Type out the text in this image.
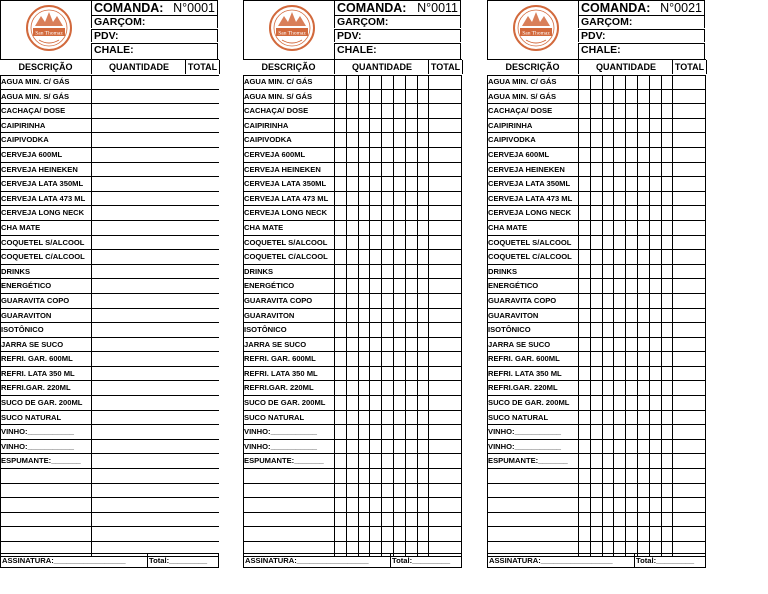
San Thomaz
COMANDA: N°0001
GARÇOM:
PDV:
CHALE:
DESCRIÇÃO	QUANTIDADE	TOTAL
AGUA MIN. C/ GÁS
AGUA MIN. S/ GÁS
CACHAÇA/ DOSE
CAIPIRINHA
CAIPIVODKA
CERVEJA 600ML
CERVEJA HEINEKEN
CERVEJA LATA 350ML
CERVEJA LATA 473 ML
CERVEJA LONG NECK
CHA MATE
COQUETEL S/ALCOOL
COQUETEL C/ALCOOL
DRINKS
ENERGÉTICO
GUARAVITA COPO
GUARAVITON
ISOTÔNICO
JARRA SE SUCO
REFRI. GAR. 600ML
REFRI. LATA 350 ML
REFRI.GAR. 220ML
SUCO DE GAR. 200ML
SUCO NATURAL
VINHO:___________
VINHO:___________
ESPUMANTE:_______
ASSINATURA:_________________	Total:_________
San Thomaz
COMANDA: N°0011
GARÇOM:
PDV:
CHALE:
DESCRIÇÃO	QUANTIDADE	TOTAL
AGUA MIN. C/ GÁS
AGUA MIN. S/ GÁS
CACHAÇA/ DOSE
CAIPIRINHA
CAIPIVODKA
CERVEJA 600ML
CERVEJA HEINEKEN
CERVEJA LATA 350ML
CERVEJA LATA 473 ML
CERVEJA LONG NECK
CHA MATE
COQUETEL S/ALCOOL
COQUETEL C/ALCOOL
DRINKS
ENERGÉTICO
GUARAVITA COPO
GUARAVITON
ISOTÔNICO
JARRA SE SUCO
REFRI. GAR. 600ML
REFRI. LATA 350 ML
REFRI.GAR. 220ML
SUCO DE GAR. 200ML
SUCO NATURAL
VINHO:___________
VINHO:___________
ESPUMANTE:_______
ASSINATURA:_________________	Total:_________
San Thomaz
COMANDA: N°0021
GARÇOM:
PDV:
CHALE:
DESCRIÇÃO	QUANTIDADE	TOTAL
AGUA MIN. C/ GÁS
AGUA MIN. S/ GÁS
CACHAÇA/ DOSE
CAIPIRINHA
CAIPIVODKA
CERVEJA 600ML
CERVEJA HEINEKEN
CERVEJA LATA 350ML
CERVEJA LATA 473 ML
CERVEJA LONG NECK
CHA MATE
COQUETEL S/ALCOOL
COQUETEL C/ALCOOL
DRINKS
ENERGÉTICO
GUARAVITA COPO
GUARAVITON
ISOTÔNICO
JARRA SE SUCO
REFRI. GAR. 600ML
REFRI. LATA 350 ML
REFRI.GAR. 220ML
SUCO DE GAR. 200ML
SUCO NATURAL
VINHO:___________
VINHO:___________
ESPUMANTE:_______
ASSINATURA:_________________	Total:_________
